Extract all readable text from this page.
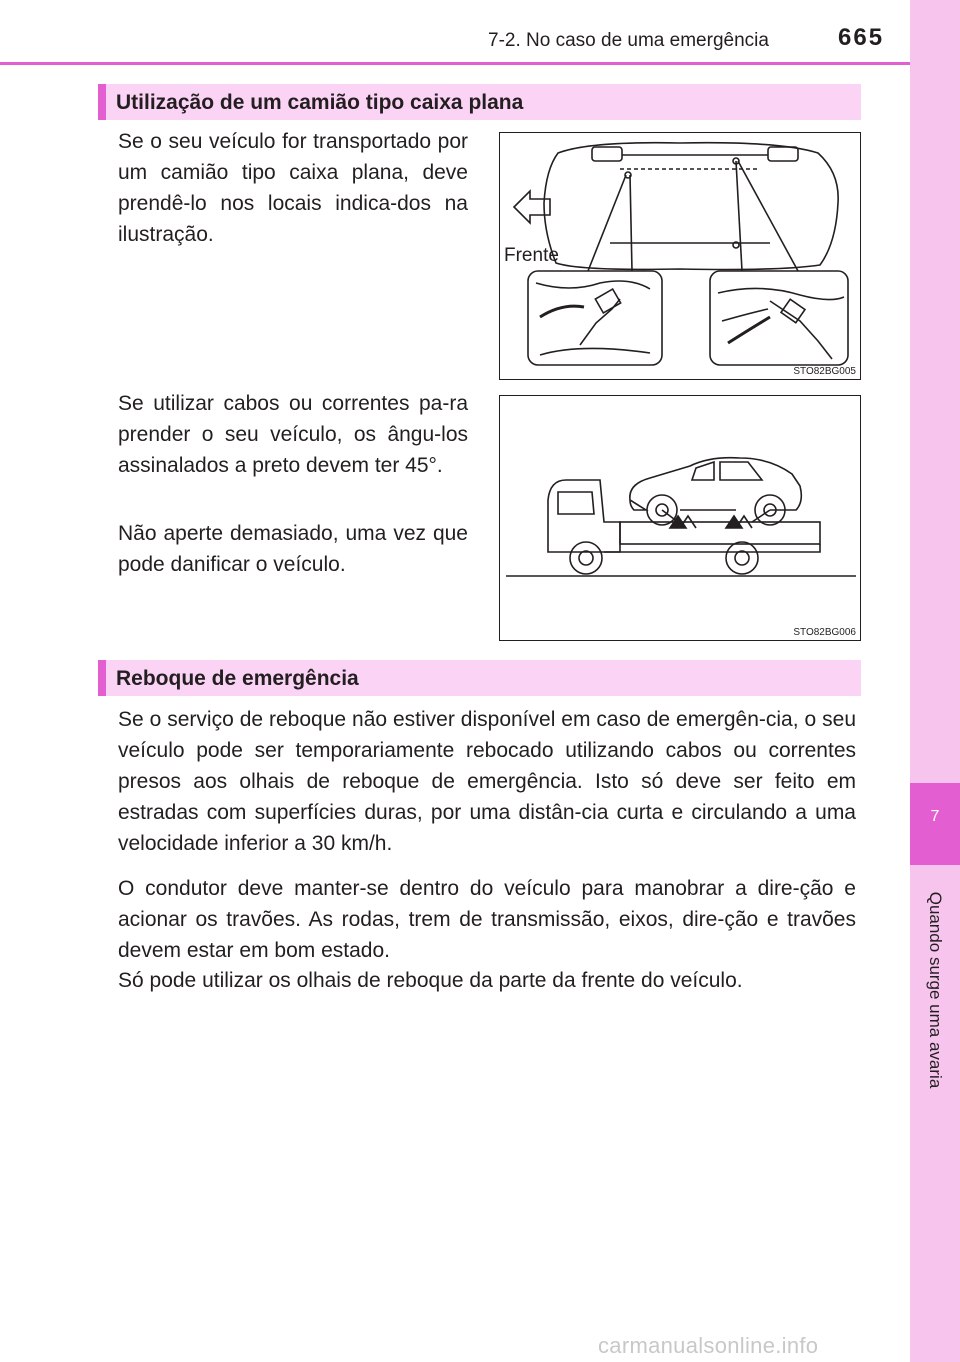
7-2. No caso de uma emergência	665
7
Quando surge uma avaria
Utilização de um camião tipo caixa plana
Se o seu veículo for transportado por um camião tipo caixa plana, deve prendê-lo nos locais indica-dos na ilustração.
Se utilizar cabos ou correntes pa-ra prender o seu veículo, os ângu-los assinalados a preto devem ter 45°.
Não aperte demasiado, uma vez que pode danificar o veículo.
Frente
STO82BG005
STO82BG006
Reboque de emergência
Se o serviço de reboque não estiver disponível em caso de emergên-cia, o seu veículo pode ser temporariamente rebocado utilizando cabos ou correntes presos aos olhais de reboque de emergência. Isto só deve ser feito em estradas com superfícies duras, por uma distân-cia curta e circulando a uma velocidade inferior a 30 km/h.
O condutor deve manter-se dentro do veículo para manobrar a dire-ção e acionar os travões. As rodas, trem de transmissão, eixos, dire-ção e travões devem estar em bom estado.
Só pode utilizar os olhais de reboque da parte da frente do veículo.
carmanualsonline.info
